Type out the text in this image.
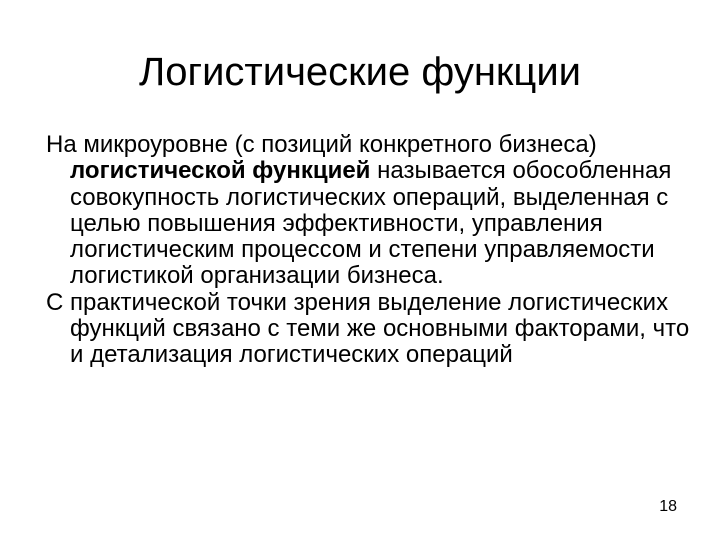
Логистические функции

На микроуровне (с позиций конкретного бизнеса) логистической функцией называется обособленная совокупность логистических операций, выделенная с целью повышения эффективности, управления логистическим процессом и степени управляемости логистикой организации бизнеса.

С практической точки зрения выделение логистических функций связано с теми же основными факторами, что и детализация логистических операций

18
